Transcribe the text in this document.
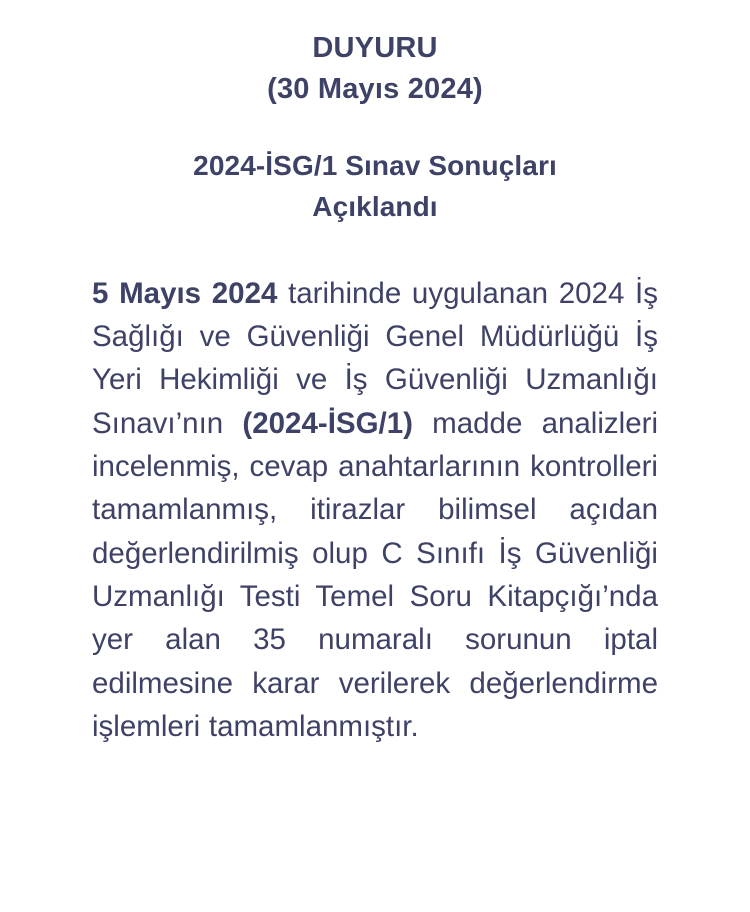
DUYURU
(30 Mayıs 2024)
2024-İSG/1 Sınav Sonuçları
Açıklandı
5 Mayıs 2024 tarihinde uygulanan 2024 İş Sağlığı ve Güvenliği Genel Müdürlüğü İş Yeri Hekimliği ve İş Güvenliği Uzmanlığı Sınavı’nın (2024-İSG/1) madde analizleri incelenmiş, cevap anahtarlarının kontrolleri tamamlanmış, itirazlar bilimsel açıdan değerlendirilmiş olup C Sınıfı İş Güvenliği Uzmanlığı Testi Temel Soru Kitapçığı’nda yer alan 35 numaralı sorunun iptal edilmesine karar verilerek değerlendirme işlemleri tamamlanmıştır.
